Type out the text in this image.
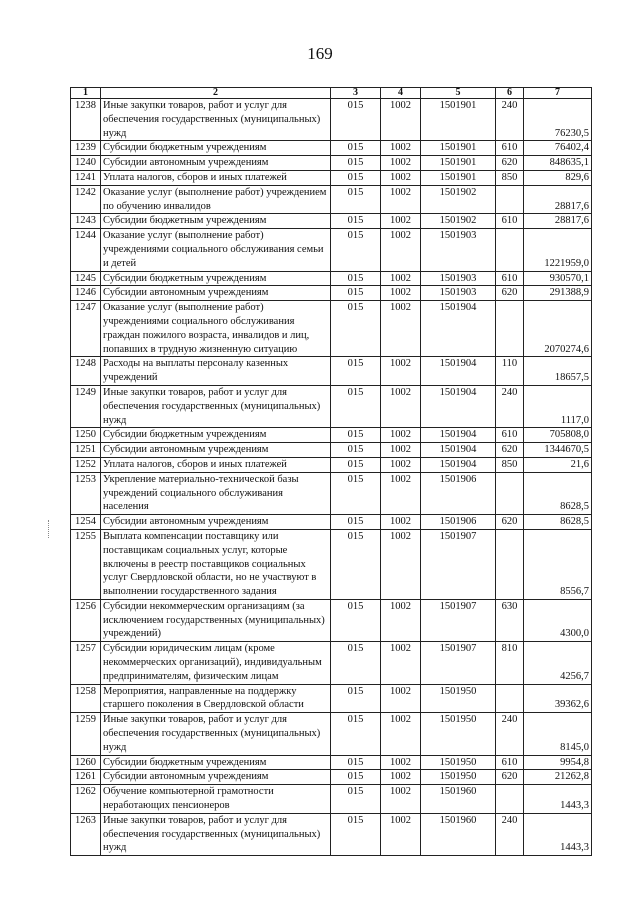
169
1	2	3	4	5	6	7
1238	Иные закупки товаров, работ и услуг для обеспечения государственных (муниципальных) нужд	015	1002	1501901	240	76230,5
1239	Субсидии бюджетным учреждениям	015	1002	1501901	610	76402,4
1240	Субсидии автономным учреждениям	015	1002	1501901	620	848635,1
1241	Уплата налогов, сборов и иных платежей	015	1002	1501901	850	829,6
1242	Оказание услуг (выполнение работ) учреждением по обучению инвалидов	015	1002	1501902		28817,6
1243	Субсидии бюджетным учреждениям	015	1002	1501902	610	28817,6
1244	Оказание услуг (выполнение работ) учреждениями социального обслуживания семьи и детей	015	1002	1501903		1221959,0
1245	Субсидии бюджетным учреждениям	015	1002	1501903	610	930570,1
1246	Субсидии автономным учреждениям	015	1002	1501903	620	291388,9
1247	Оказание услуг (выполнение работ) учреждениями социального обслуживания граждан пожилого возраста, инвалидов и лиц, попавших в трудную жизненную ситуацию	015	1002	1501904		2070274,6
1248	Расходы на выплаты персоналу казенных учреждений	015	1002	1501904	110	18657,5
1249	Иные закупки товаров, работ и услуг для обеспечения государственных (муниципальных) нужд	015	1002	1501904	240	1117,0
1250	Субсидии бюджетным учреждениям	015	1002	1501904	610	705808,0
1251	Субсидии автономным учреждениям	015	1002	1501904	620	1344670,5
1252	Уплата налогов, сборов и иных платежей	015	1002	1501904	850	21,6
1253	Укрепление материально-технической базы учреждений социального обслуживания населения	015	1002	1501906		8628,5
1254	Субсидии автономным учреждениям	015	1002	1501906	620	8628,5
1255	Выплата компенсации поставщику или поставщикам социальных услуг, которые включены в реестр поставщиков социальных услуг Свердловской области, но не участвуют в выполнении государственного задания	015	1002	1501907		8556,7
1256	Субсидии некоммерческим организациям (за исключением государственных (муниципальных) учреждений)	015	1002	1501907	630	4300,0
1257	Субсидии юридическим лицам (кроме некоммерческих организаций), индивидуальным предпринимателям, физическим лицам	015	1002	1501907	810	4256,7
1258	Мероприятия, направленные на поддержку старшего поколения в Свердловской области	015	1002	1501950		39362,6
1259	Иные закупки товаров, работ и услуг для обеспечения государственных (муниципальных) нужд	015	1002	1501950	240	8145,0
1260	Субсидии бюджетным учреждениям	015	1002	1501950	610	9954,8
1261	Субсидии автономным учреждениям	015	1002	1501950	620	21262,8
1262	Обучение компьютерной грамотности неработающих пенсионеров	015	1002	1501960		1443,3
1263	Иные закупки товаров, работ и услуг для обеспечения государственных (муниципальных) нужд	015	1002	1501960	240	1443,3
